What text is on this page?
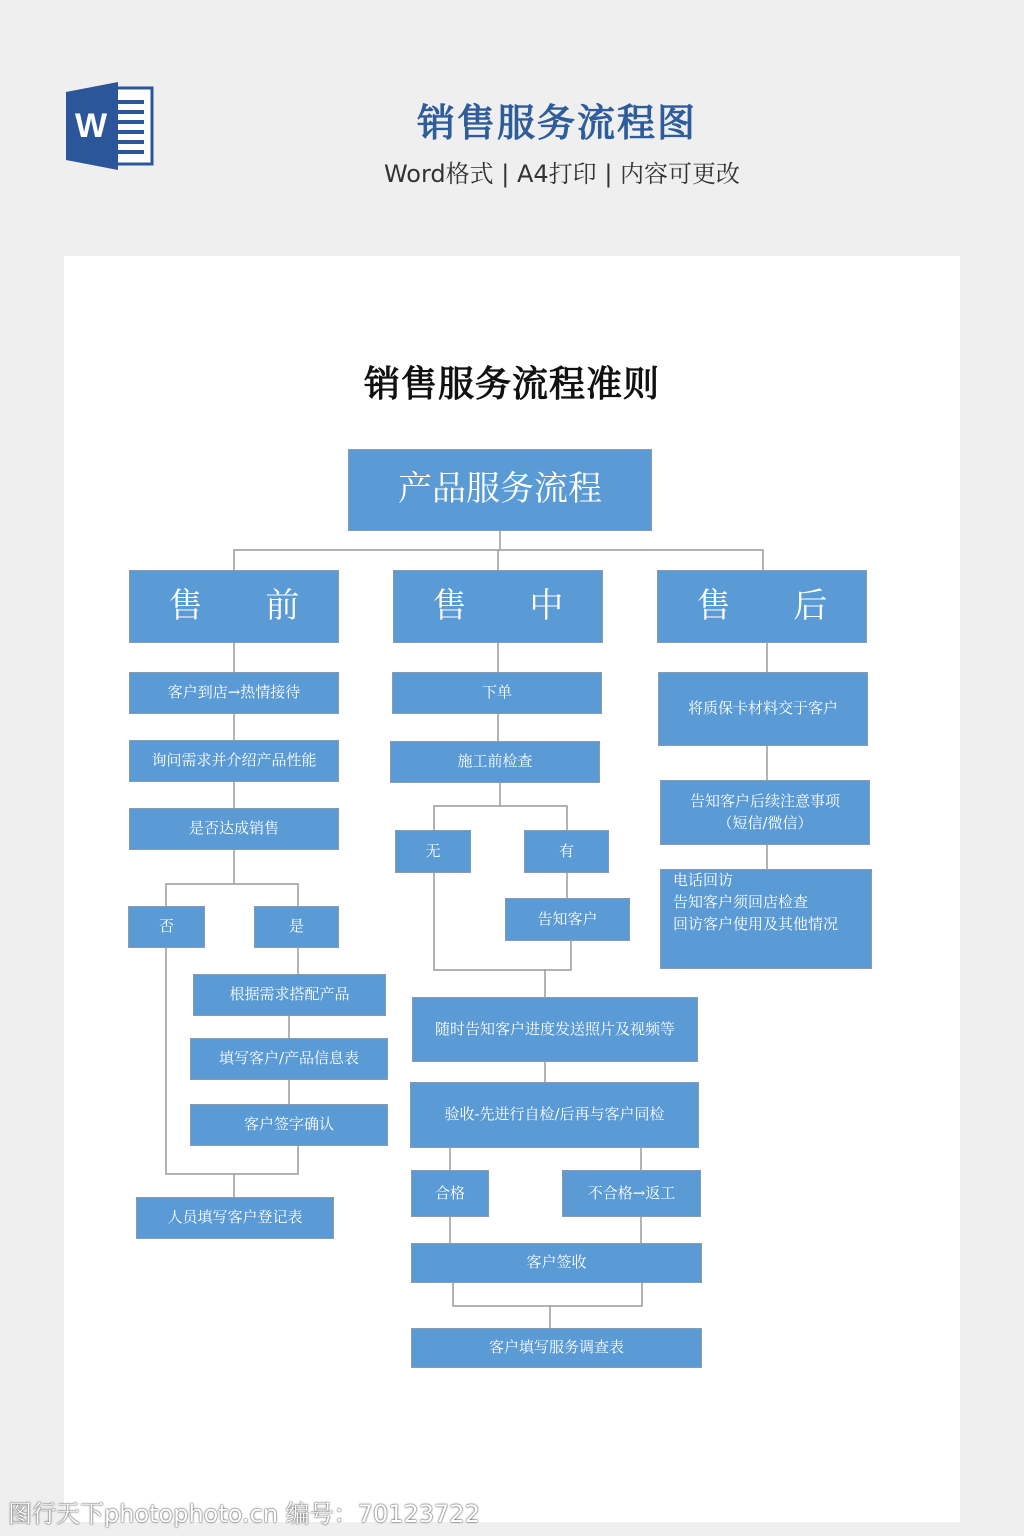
W	销售服务流程图
Word格式 | A4打印 | 内容可更改
销售服务流程准则
产品服务流程
售 前	售 中	售 后
客户到店→热情接待
询问需求并介绍产品性能
是否达成销售
否	是
根据需求搭配产品
填写客户/产品信息表
客户签字确认
人员填写客户登记表
下单
施工前检查
无	有
告知客户
随时告知客户进度发送照片及视频等
验收-先进行自检/后再与客户同检
合格	不合格→返工
客户签收
客户填写服务调查表
将质保卡材料交于客户
告知客户后续注意事项
（短信/微信）
电话回访
告知客户须回店检查
回访客户使用及其他情况
图行天下photophoto.cn 编号：70123722
